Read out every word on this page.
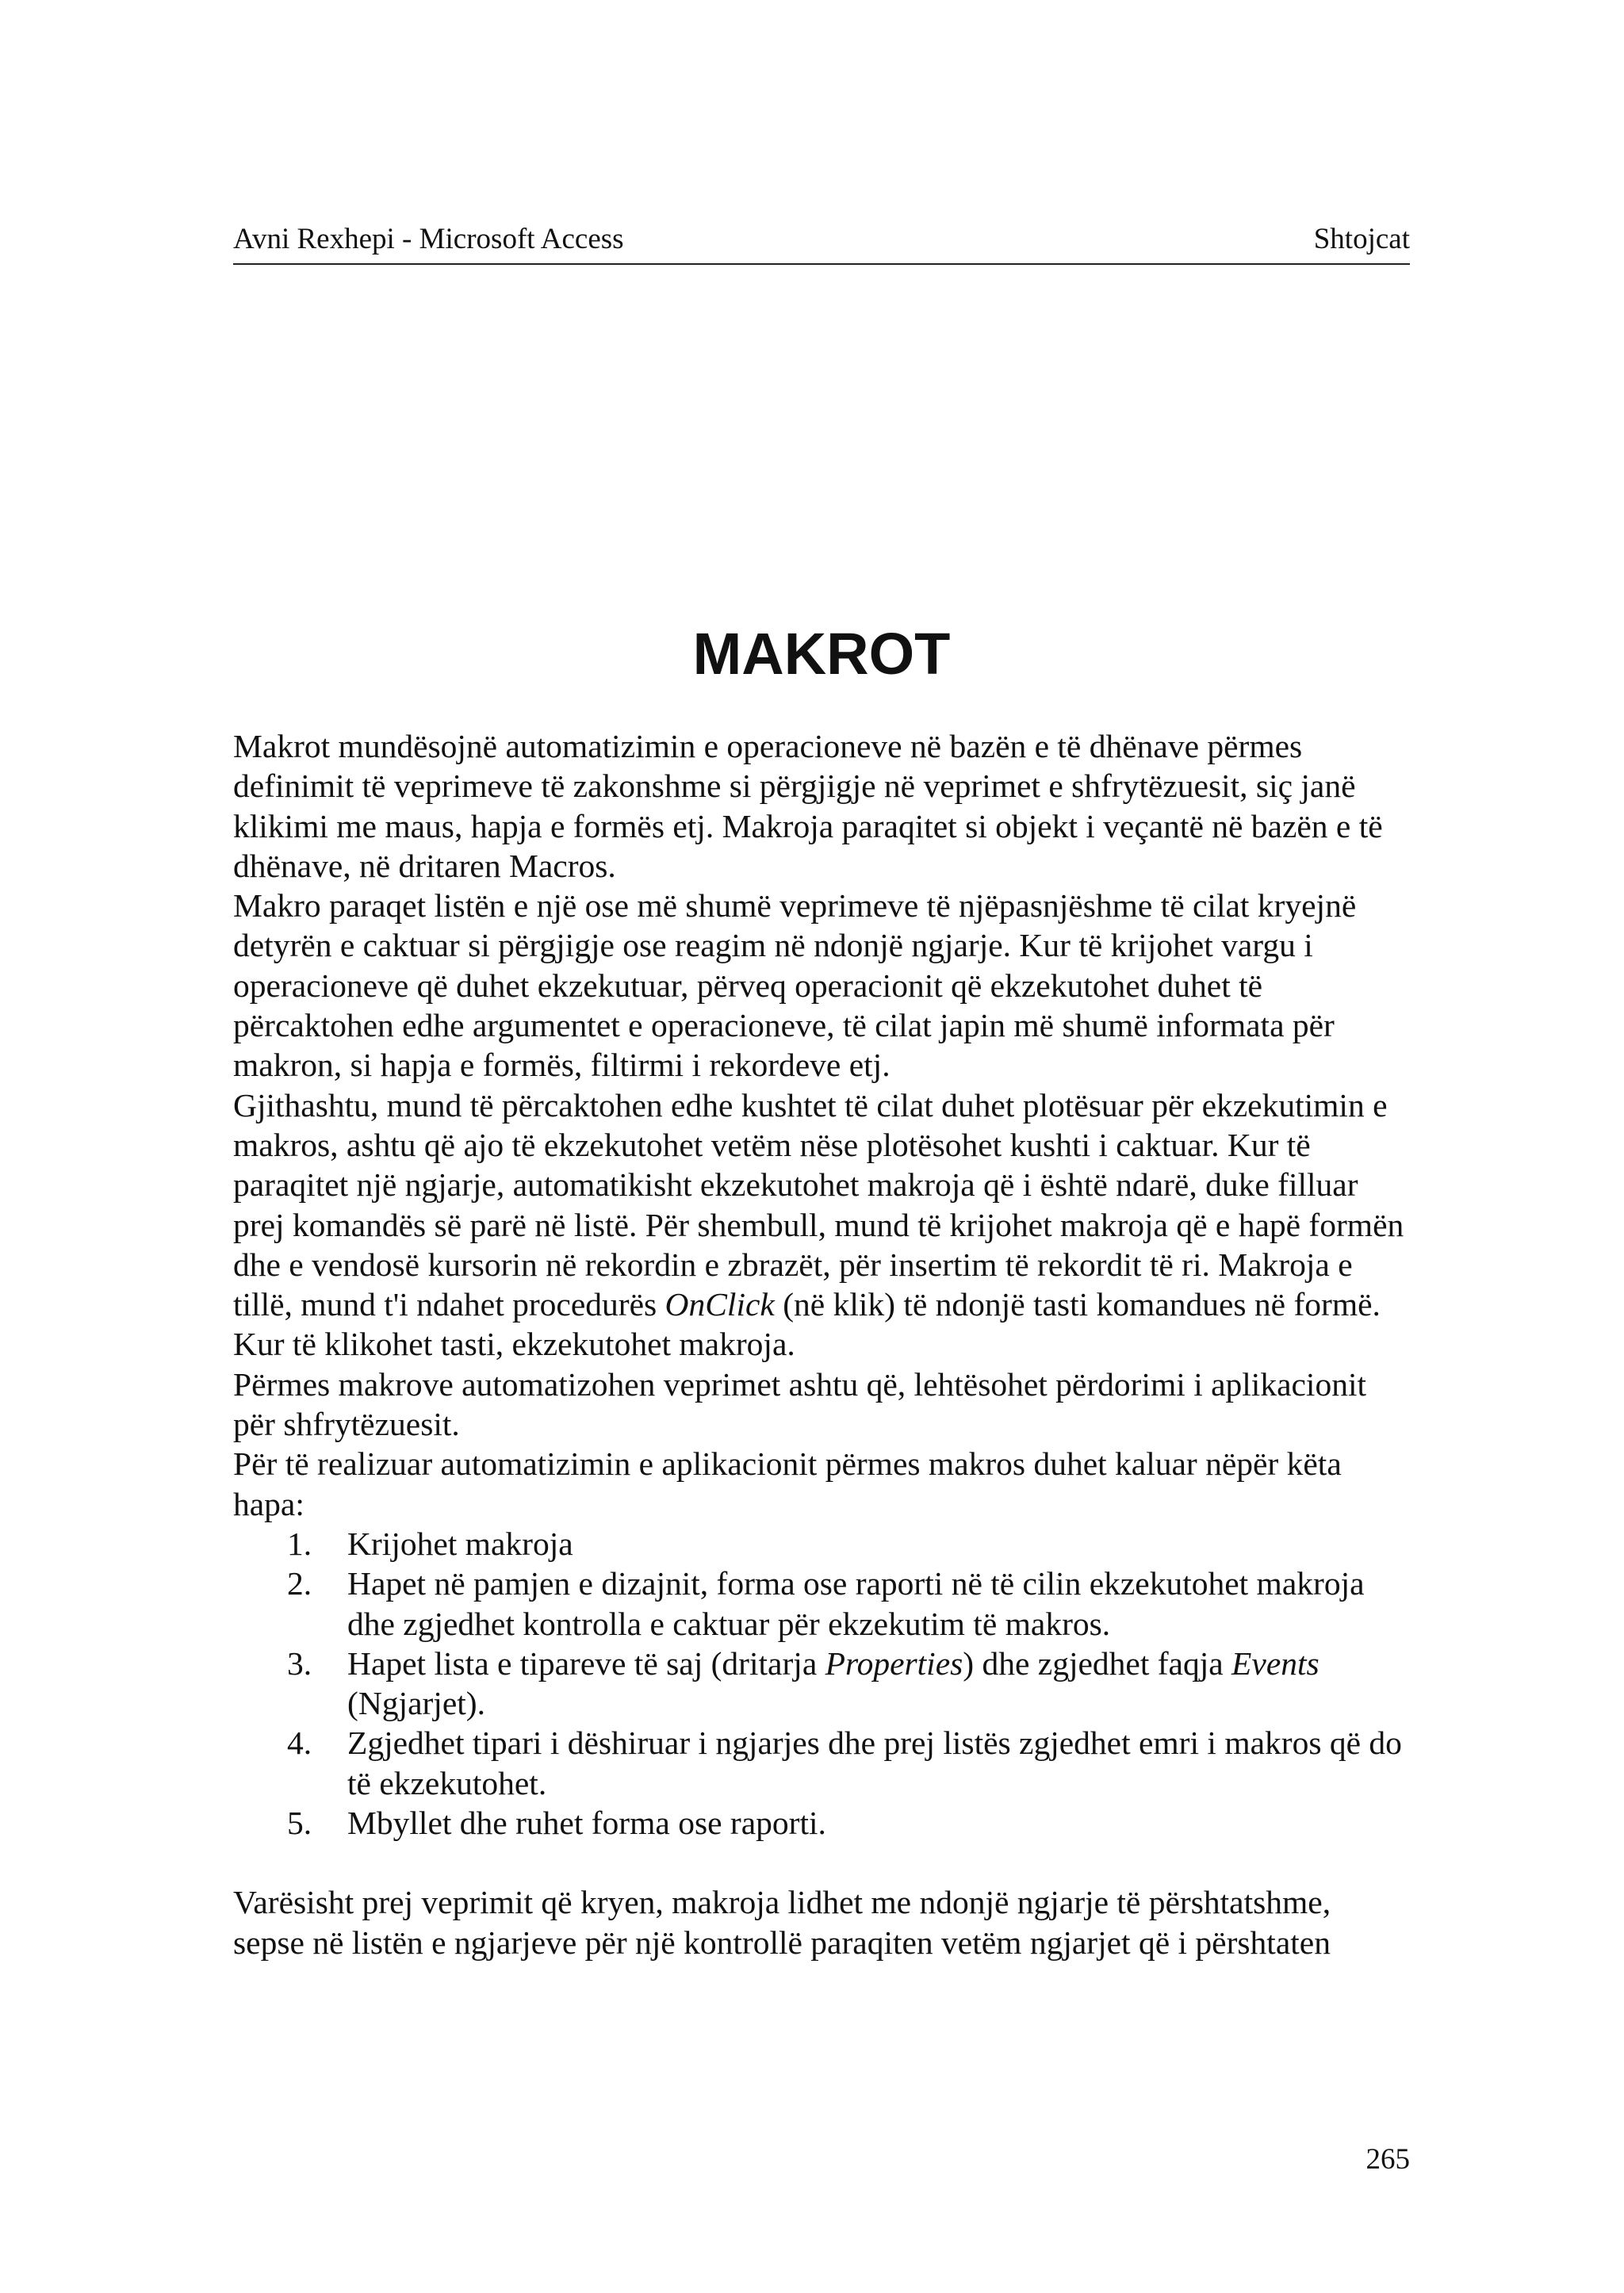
Avni Rexhepi - Microsoft Access	Shtojcat
MAKROT

Makrot mundësojnë automatizimin e operacioneve në bazën e të dhënave përmes definimit të veprimeve të zakonshme si përgjigje në veprimet e shfrytëzuesit, siç janë klikimi me maus, hapja e formës etj. Makroja paraqitet si objekt i veçantë në bazën e të dhënave, në dritaren Macros.

Makro paraqet listën e një ose më shumë veprimeve të njëpasnjëshme të cilat kryejnë detyrën e caktuar si përgjigje ose reagim në ndonjë ngjarje. Kur të krijohet vargu i operacioneve që duhet ekzekutuar, përveq operacionit që ekzekutohet duhet të përcaktohen edhe argumentet e operacioneve, të cilat japin më shumë informata për makron, si hapja e formës, filtirmi i rekordeve etj.

Gjithashtu, mund të përcaktohen edhe kushtet të cilat duhet plotësuar për ekzekutimin e makros, ashtu që ajo të ekzekutohet vetëm nëse plotësohet kushti i caktuar. Kur të paraqitet një ngjarje, automatikisht ekzekutohet makroja që i është ndarë, duke filluar prej komandës së parë në listë. Për shembull, mund të krijohet makroja që e hapë formën dhe e vendosë kursorin në rekordin e zbrazët, për insertim të rekordit të ri. Makroja e tillë, mund t'i ndahet procedurës OnClick (në klik) të ndonjë tasti komandues në formë. Kur të klikohet tasti, ekzekutohet makroja.

Përmes makrove automatizohen veprimet ashtu që, lehtësohet përdorimi i aplikacionit për shfrytëzuesit.

Për të realizuar automatizimin e aplikacionit përmes makros duhet kaluar nëpër këta hapa:

1. Krijohet makroja
2. Hapet në pamjen e dizajnit, forma ose raporti në të cilin ekzekutohet makroja dhe zgjedhet kontrolla e caktuar për ekzekutim të makros.
3. Hapet lista e tipareve të saj (dritarja Properties) dhe zgjedhet faqja Events (Ngjarjet).
4. Zgjedhet tipari i dëshiruar i ngjarjes dhe prej listës zgjedhet emri i makros që do të ekzekutohet.
5. Mbyllet dhe ruhet forma ose raporti.

Varësisht prej veprimit që kryen, makroja lidhet me ndonjë ngjarje të përshtatshme, sepse në listën e ngjarjeve për një kontrollë paraqiten vetëm ngjarjet që i përshtaten

265
